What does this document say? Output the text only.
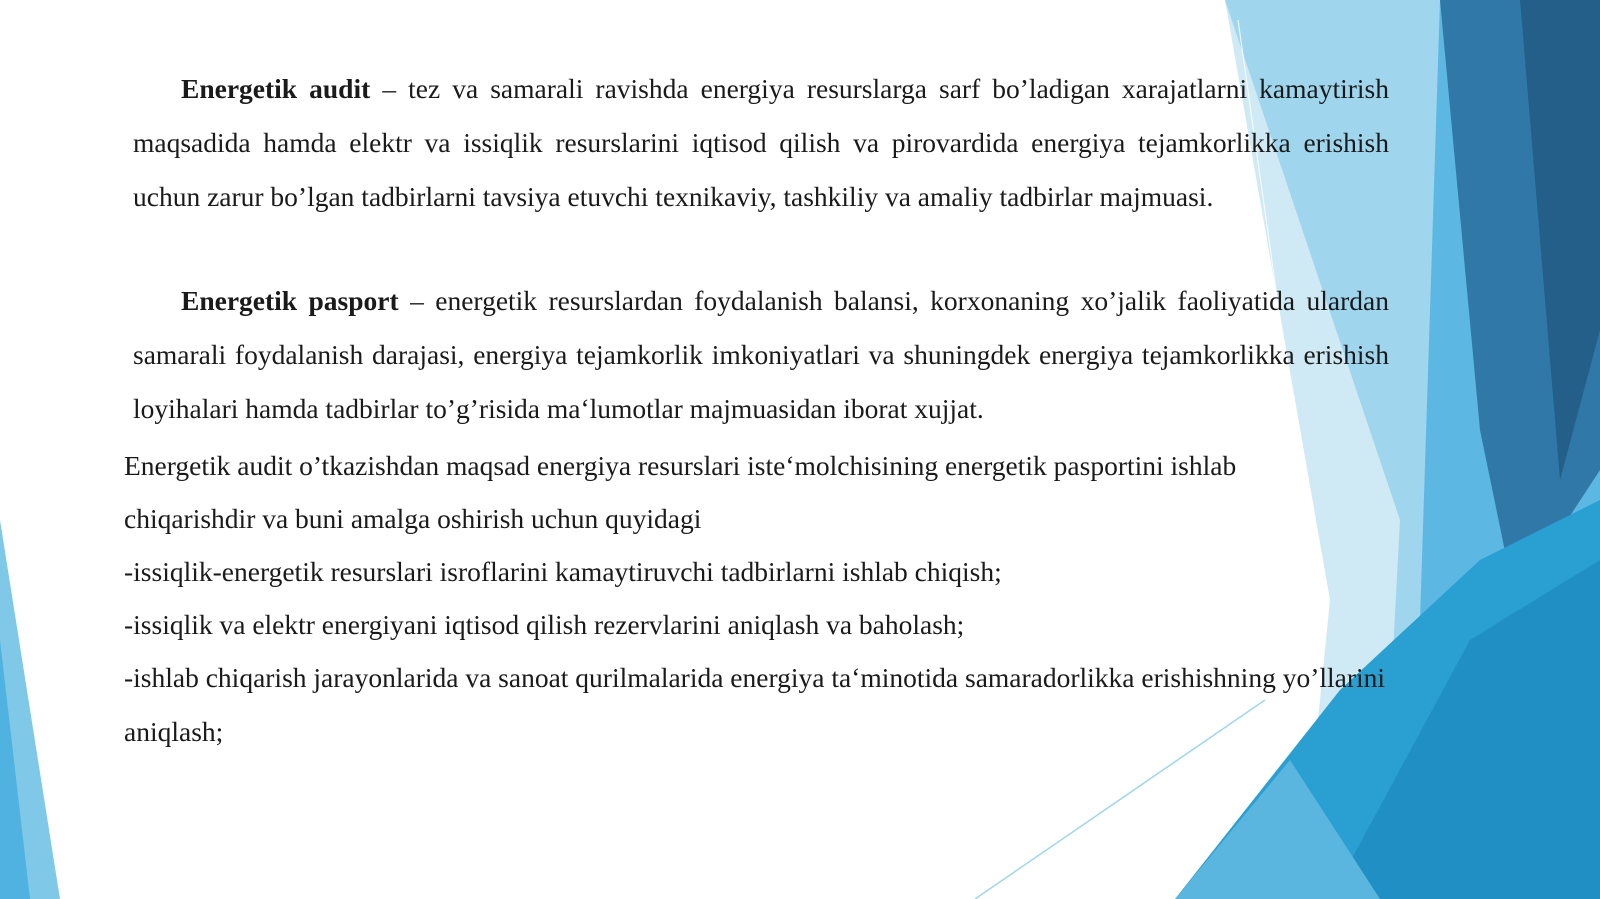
Energetik audit – tez va samarali ravishda energiya resurslarga sarf bo’ladigan xarajatlarni kamaytirish maqsadida hamda elektr va issiqlik resurslarini iqtisod qilish va pirovardida energiya tejamkorlikka erishish uchun zarur bo’lgan tadbirlarni tavsiya etuvchi texnikaviy, tashkiliy va amaliy tadbirlar majmuasi.

Energetik pasport – energetik resurslardan foydalanish balansi, korxonaning xo’jalik faoliyatida ulardan samarali foydalanish darajasi, energiya tejamkorlik imkoniyatlari va shuningdek energiya tejamkorlikka erishish loyihalari hamda tadbirlar to’g’risida ma‘lumotlar majmuasidan iborat xujjat.

Energetik audit o’tkazishdan maqsad energiya resurslari iste‘molchisining energetik pasportini ishlab

chiqarishdir va buni amalga oshirish uchun quyidagi

-issiqlik-energetik resurslari isroflarini kamaytiruvchi tadbirlarni ishlab chiqish;

-issiqlik va elektr energiyani iqtisod qilish rezervlarini aniqlash va baholash;

-ishlab chiqarish jarayonlarida va sanoat qurilmalarida energiya ta‘minotida samaradorlikka erishishning yo’llarini aniqlash;
